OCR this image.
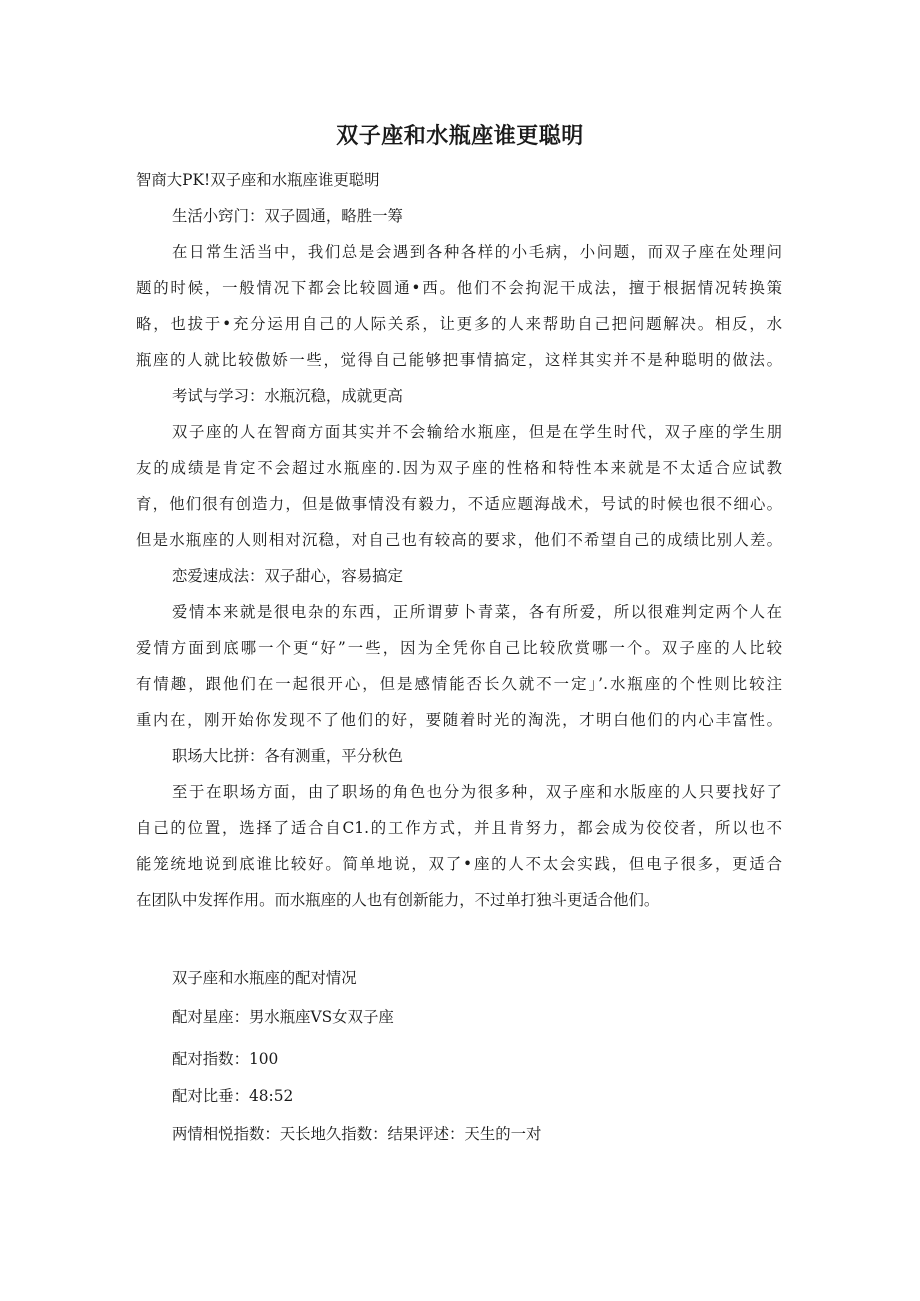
双子座和水瓶座谁更聪明

智商大PK!双子座和水瓶座谁更聪明

生活小窍门：双子圆通，略胜一筹

在日常生活当中，我们总是会遇到各种各样的小毛病，小问题，而双子座在处理问

题的时候，一般情况下都会比较圆通•西。他们不会拘泥干成法，擅于根据情况转换策

略，也拔于•充分运用自己的人际关系，让更多的人来帮助自己把问题解决。相反，水

瓶座的人就比较傲娇一些，觉得自己能够把事情搞定，这样其实并不是种聪明的做法。

考试与学习：水瓶沉稳，成就更高

双子座的人在智商方面其实并不会输给水瓶座，但是在学生时代，双子座的学生朋

友的成绩是肯定不会超过水瓶座的.因为双子座的性格和特性本来就是不太适合应试教

育，他们很有创造力，但是做事情没有毅力，不适应题海战术，号试的时候也很不细心。

但是水瓶座的人则相对沉稳，对自己也有较高的要求，他们不希望自己的成绩比别人差。

恋爱速成法：双子甜心，容易搞定

爱情本来就是很电杂的东西，正所谓萝卜青菜，各有所爱，所以很难判定两个人在

爱情方面到底哪一个更“好”一些，因为全凭你自己比较欣赏哪一个。双子座的人比较

有情趣，跟他们在一起很开心，但是感情能否长久就不一定」’.水瓶座的个性则比较注

重内在，刚开始你发现不了他们的好，要随着时光的淘洗，才明白他们的内心丰富性。

职场大比拼：各有测重，平分秋色

至于在职场方面，由了职场的角色也分为很多种，双子座和水版座的人只要找好了

自己的位置，选择了适合自C1.的工作方式，并且肯努力，都会成为佼佼者，所以也不

能笼统地说到底谁比较好。简单地说，双了•座的人不太会实践，但电子很多，更适合

在团队中发挥作用。而水瓶座的人也有创新能力，不过单打独斗更适合他们。

双子座和水瓶座的配对情况

配对星座：男水瓶座VS女双子座

配对指数：100

配对比垂：48:52

两情相悦指数：天长地久指数：结果评述：天生的一对
